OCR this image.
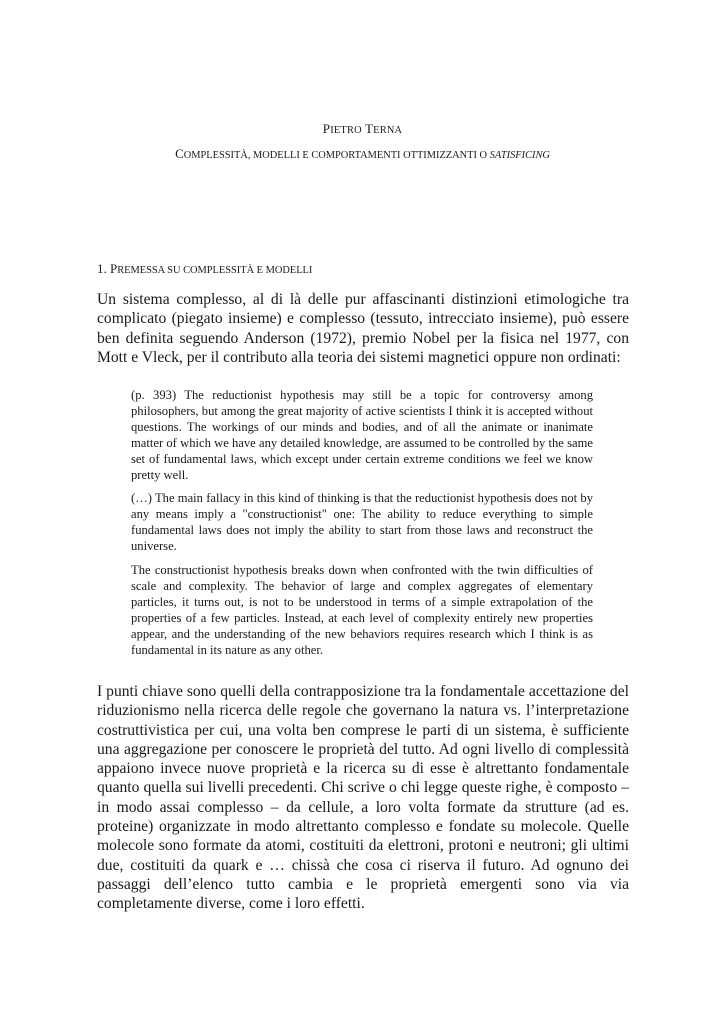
PIETRO TERNA
COMPLESSITÀ, MODELLI E COMPORTAMENTI OTTIMIZZANTI O SATISFICING
1. PREMESSA SU COMPLESSITÀ E MODELLI

Un sistema complesso, al di là delle pur affascinanti distinzioni etimologiche tra complicato (piegato insieme) e complesso (tessuto, intrecciato insieme), può essere ben definita seguendo Anderson (1972), premio Nobel per la fisica nel 1977, con Mott e Vleck, per il contributo alla teoria dei sistemi magnetici oppure non ordinati:

(p. 393) The reductionist hypothesis may still be a topic for controversy among philosophers, but among the great majority of active scientists I think it is accepted without questions. The workings of our minds and bodies, and of all the animate or inanimate matter of which we have any detailed knowledge, are assumed to be controlled by the same set of fundamental laws, which except under certain extreme conditions we feel we know pretty well.

(…) The main fallacy in this kind of thinking is that the reductionist hypothesis does not by any means imply a "constructionist" one: The ability to reduce everything to simple fundamental laws does not imply the ability to start from those laws and reconstruct the universe.

The constructionist hypothesis breaks down when confronted with the twin difficulties of scale and complexity. The behavior of large and complex aggregates of elementary particles, it turns out, is not to be understood in terms of a simple extrapolation of the properties of a few particles. Instead, at each level of complexity entirely new properties appear, and the understanding of the new behaviors requires research which I think is as fundamental in its nature as any other.

I punti chiave sono quelli della contrapposizione tra la fondamentale accettazione del riduzionismo nella ricerca delle regole che governano la natura vs. l’interpretazione costruttivistica per cui, una volta ben comprese le parti di un sistema, è sufficiente una aggregazione per conoscere le proprietà del tutto. Ad ogni livello di complessità appaiono invece nuove proprietà e la ricerca su di esse è altrettanto fondamentale quanto quella sui livelli precedenti. Chi scrive o chi legge queste righe, è composto – in modo assai complesso – da cellule, a loro volta formate da strutture (ad es. proteine) organizzate in modo altrettanto complesso e fondate su molecole. Quelle molecole sono formate da atomi, costituiti da elettroni, protoni e neutroni; gli ultimi due, costituiti da quark e … chissà che cosa ci riserva il futuro. Ad ognuno dei passaggi dell’elenco tutto cambia e le proprietà emergenti sono via via completamente diverse, come i loro effetti.
